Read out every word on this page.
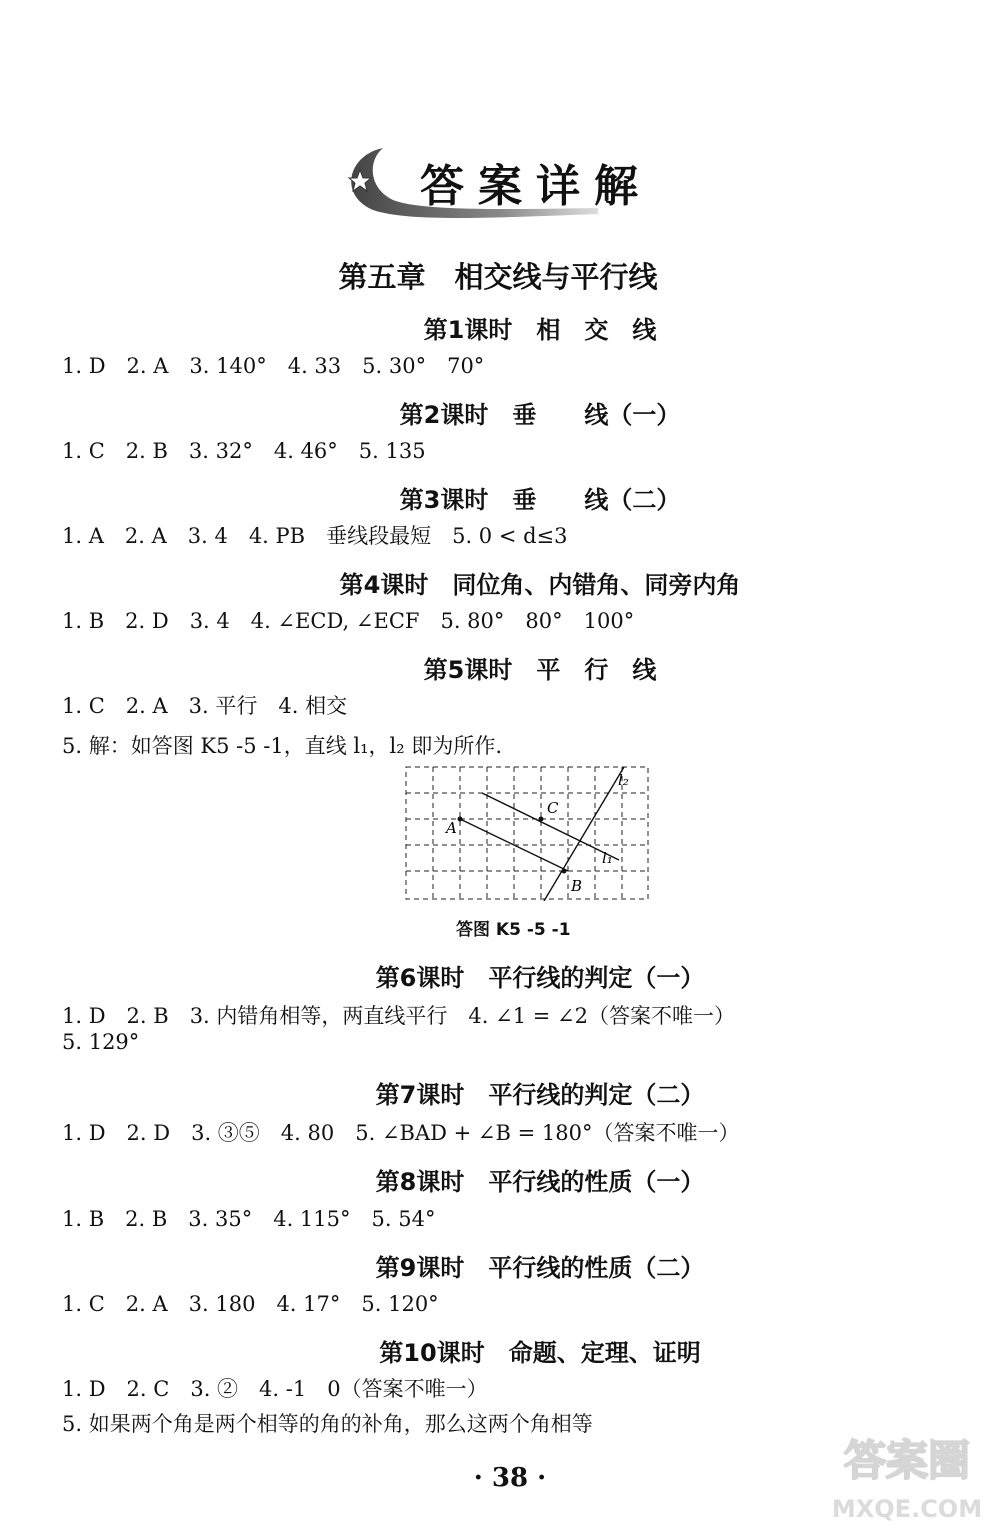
答案详解
第五章　相交线与平行线
第1课时　相　交　线
1. D　2. A　3. 140°　4. 33　5. 30°　70°
第2课时　垂　　线（一）
1. C　2. B　3. 32°　4. 46°　5. 135
第3课时　垂　　线（二）
1. A　2. A　3. 4　4. PB　垂线段最短　5. 0 < d≤3
第4课时　同位角、内错角、同旁内角
1. B　2. D　3. 4　4. ∠ECD, ∠ECF　5. 80°　80°　100°
第5课时　平　行　线
1. C　2. A　3. 平行　4. 相交
5. 解：如答图 K5 -5 -1，直线 l₁，l₂ 即为所作.
A
C
B
l₁
l₂
答图 K5 -5 -1
第6课时　平行线的判定（一）
1. D　2. B　3. 内错角相等，两直线平行　4. ∠1 = ∠2（答案不唯一）
5. 129°
第7课时　平行线的判定（二）
1. D　2. D　3. ③⑤　4. 80　5. ∠BAD + ∠B = 180°（答案不唯一）
第8课时　平行线的性质（一）
1. B　2. B　3. 35°　4. 115°　5. 54°
第9课时　平行线的性质（二）
1. C　2. A　3. 180　4. 17°　5. 120°
第10课时　命题、定理、证明
1. D　2. C　3. ②　4. -1　0（答案不唯一）
5. 如果两个角是两个相等的角的补角，那么这两个角相等
· 38 ·	答案圈
MXQE.COM
